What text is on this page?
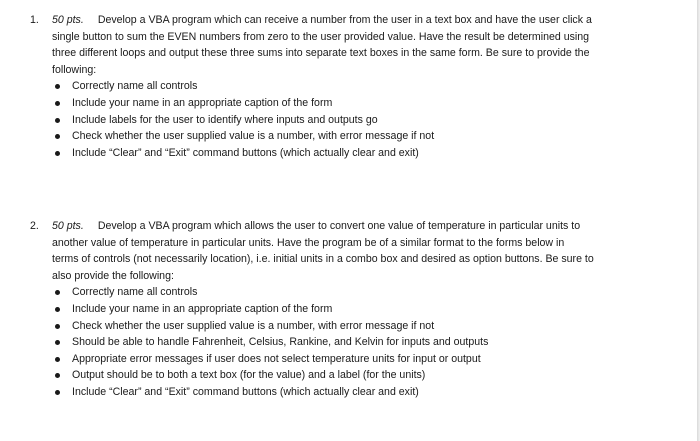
1. 50 pts. Develop a VBA program which can receive a number from the user in a text box and have the user click a
single button to sum the EVEN numbers from zero to the user provided value. Have the result be determined using
three different loops and output these three sums into separate text boxes in the same form. Be sure to provide the
following:
Correctly name all controls
Include your name in an appropriate caption of the form
Include labels for the user to identify where inputs and outputs go
Check whether the user supplied value is a number, with error message if not
Include “Clear” and “Exit” command buttons (which actually clear and exit)
2. 50 pts. Develop a VBA program which allows the user to convert one value of temperature in particular units to
another value of temperature in particular units. Have the program be of a similar format to the forms below in
terms of controls (not necessarily location), i.e. initial units in a combo box and desired as option buttons. Be sure to
also provide the following:
Correctly name all controls
Include your name in an appropriate caption of the form
Check whether the user supplied value is a number, with error message if not
Should be able to handle Fahrenheit, Celsius, Rankine, and Kelvin for inputs and outputs
Appropriate error messages if user does not select temperature units for input or output
Output should be to both a text box (for the value) and a label (for the units)
Include “Clear” and “Exit” command buttons (which actually clear and exit)
